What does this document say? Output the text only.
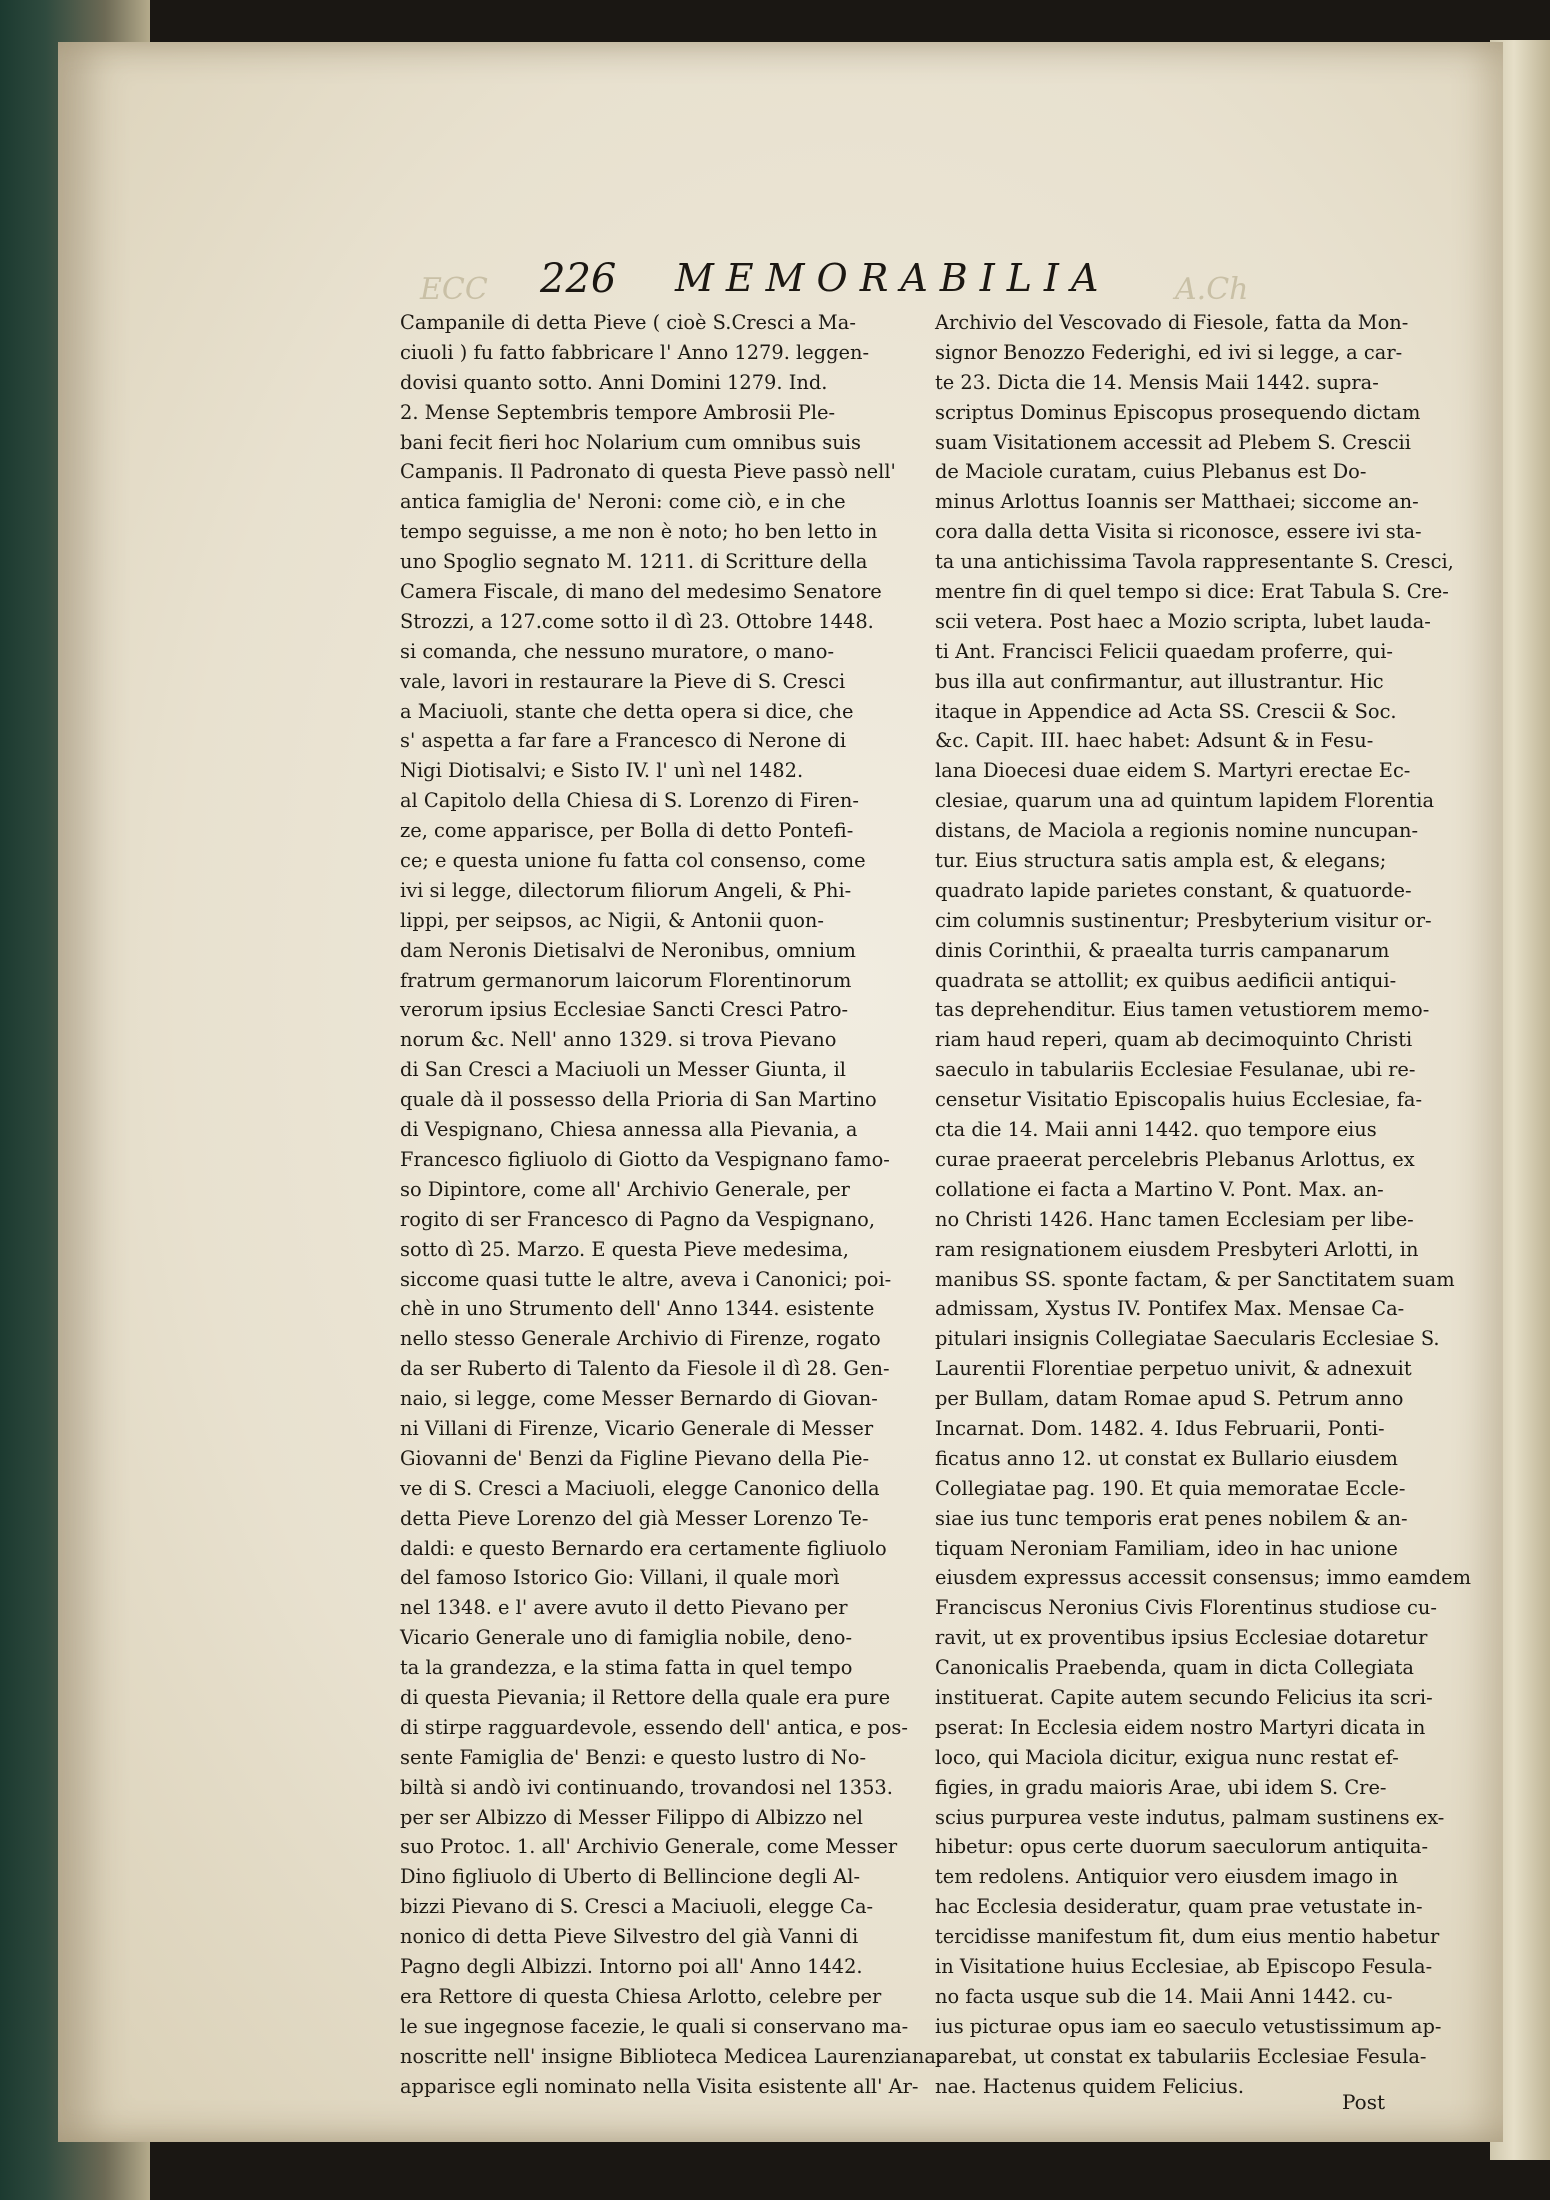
ECC	A.Ch
226 MEMORABILIA
Campanile di detta Pieve ( cioè S.Cresci a Ma-
ciuoli ) fu fatto fabbricare l' Anno 1279. leggen-
dovisi quanto sotto. Anni Domini 1279. Ind.
2. Mense Septembris tempore Ambrosii Ple-
bani fecit fieri hoc Nolarium cum omnibus suis
Campanis. Il Padronato di questa Pieve passò nell'
antica famiglia de' Neroni: come ciò, e in che
tempo seguisse, a me non è noto; ho ben letto in
uno Spoglio segnato M. 1211. di Scritture della
Camera Fiscale, di mano del medesimo Senatore
Strozzi, a 127.come sotto il dì 23. Ottobre 1448.
si comanda, che nessuno muratore, o mano-
vale, lavori in restaurare la Pieve di S. Cresci
a Maciuoli, stante che detta opera si dice, che
s' aspetta a far fare a Francesco di Nerone di
Nigi Diotisalvi; e Sisto IV. l' unì nel 1482.
al Capitolo della Chiesa di S. Lorenzo di Firen-
ze, come apparisce, per Bolla di detto Pontefi-
ce; e questa unione fu fatta col consenso, come
ivi si legge, dilectorum filiorum Angeli, & Phi-
lippi, per seipsos, ac Nigii, & Antonii quon-
dam Neronis Dietisalvi de Neronibus, omnium
fratrum germanorum laicorum Florentinorum
verorum ipsius Ecclesiae Sancti Cresci Patro-
norum &c. Nell' anno 1329. si trova Pievano
di San Cresci a Maciuoli un Messer Giunta, il
quale dà il possesso della Prioria di San Martino
di Vespignano, Chiesa annessa alla Pievania, a
Francesco figliuolo di Giotto da Vespignano famo-
so Dipintore, come all' Archivio Generale, per
rogito di ser Francesco di Pagno da Vespignano,
sotto dì 25. Marzo. E questa Pieve medesima,
siccome quasi tutte le altre, aveva i Canonici; poi-
chè in uno Strumento dell' Anno 1344. esistente
nello stesso Generale Archivio di Firenze, rogato
da ser Ruberto di Talento da Fiesole il dì 28. Gen-
naio, si legge, come Messer Bernardo di Giovan-
ni Villani di Firenze, Vicario Generale di Messer
Giovanni de' Benzi da Figline Pievano della Pie-
ve di S. Cresci a Maciuoli, elegge Canonico della
detta Pieve Lorenzo del già Messer Lorenzo Te-
daldi: e questo Bernardo era certamente figliuolo
del famoso Istorico Gio: Villani, il quale morì
nel 1348. e l' avere avuto il detto Pievano per
Vicario Generale uno di famiglia nobile, deno-
ta la grandezza, e la stima fatta in quel tempo
di questa Pievania; il Rettore della quale era pure
di stirpe ragguardevole, essendo dell' antica, e pos-
sente Famiglia de' Benzi: e questo lustro di No-
biltà si andò ivi continuando, trovandosi nel 1353.
per ser Albizzo di Messer Filippo di Albizzo nel
suo Protoc. 1. all' Archivio Generale, come Messer
Dino figliuolo di Uberto di Bellincione degli Al-
bizzi Pievano di S. Cresci a Maciuoli, elegge Ca-
nonico di detta Pieve Silvestro del già Vanni di
Pagno degli Albizzi. Intorno poi all' Anno 1442.
era Rettore di questa Chiesa Arlotto, celebre per
le sue ingegnose facezie, le quali si conservano ma-
noscritte nell' insigne Biblioteca Medicea Laurenziana:
apparisce egli nominato nella Visita esistente all' Ar-
Archivio del Vescovado di Fiesole, fatta da Mon-
signor Benozzo Federighi, ed ivi si legge, a car-
te 23. Dicta die 14. Mensis Maii 1442. supra-
scriptus Dominus Episcopus prosequendo dictam
suam Visitationem accessit ad Plebem S. Crescii
de Maciole curatam, cuius Plebanus est Do-
minus Arlottus Ioannis ser Matthaei; siccome an-
cora dalla detta Visita si riconosce, essere ivi sta-
ta una antichissima Tavola rappresentante S. Cresci,
mentre fin di quel tempo si dice: Erat Tabula S. Cre-
scii vetera. Post haec a Mozio scripta, lubet lauda-
ti Ant. Francisci Felicii quaedam proferre, qui-
bus illa aut confirmantur, aut illustrantur. Hic
itaque in Appendice ad Acta SS. Crescii & Soc.
&c. Capit. III. haec habet: Adsunt & in Fesu-
lana Dioecesi duae eidem S. Martyri erectae Ec-
clesiae, quarum una ad quintum lapidem Florentia
distans, de Maciola a regionis nomine nuncupan-
tur. Eius structura satis ampla est, & elegans;
quadrato lapide parietes constant, & quatuorde-
cim columnis sustinentur; Presbyterium visitur or-
dinis Corinthii, & praealta turris campanarum
quadrata se attollit; ex quibus aedificii antiqui-
tas deprehenditur. Eius tamen vetustiorem memo-
riam haud reperi, quam ab decimoquinto Christi
saeculo in tabulariis Ecclesiae Fesulanae, ubi re-
censetur Visitatio Episcopalis huius Ecclesiae, fa-
cta die 14. Maii anni 1442. quo tempore eius
curae praeerat percelebris Plebanus Arlottus, ex
collatione ei facta a Martino V. Pont. Max. an-
no Christi 1426. Hanc tamen Ecclesiam per libe-
ram resignationem eiusdem Presbyteri Arlotti, in
manibus SS. sponte factam, & per Sanctitatem suam
admissam, Xystus IV. Pontifex Max. Mensae Ca-
pitulari insignis Collegiatae Saecularis Ecclesiae S.
Laurentii Florentiae perpetuo univit, & adnexuit
per Bullam, datam Romae apud S. Petrum anno
Incarnat. Dom. 1482. 4. Idus Februarii, Ponti-
ficatus anno 12. ut constat ex Bullario eiusdem
Collegiatae pag. 190. Et quia memoratae Eccle-
siae ius tunc temporis erat penes nobilem & an-
tiquam Neroniam Familiam, ideo in hac unione
eiusdem expressus accessit consensus; immo eamdem
Franciscus Neronius Civis Florentinus studiose cu-
ravit, ut ex proventibus ipsius Ecclesiae dotaretur
Canonicalis Praebenda, quam in dicta Collegiata
instituerat. Capite autem secundo Felicius ita scri-
pserat: In Ecclesia eidem nostro Martyri dicata in
loco, qui Maciola dicitur, exigua nunc restat ef-
figies, in gradu maioris Arae, ubi idem S. Cre-
scius purpurea veste indutus, palmam sustinens ex-
hibetur: opus certe duorum saeculorum antiquita-
tem redolens. Antiquior vero eiusdem imago in
hac Ecclesia desideratur, quam prae vetustate in-
tercidisse manifestum fit, dum eius mentio habetur
in Visitatione huius Ecclesiae, ab Episcopo Fesula-
no facta usque sub die 14. Maii Anni 1442. cu-
ius picturae opus iam eo saeculo vetustissimum ap-
parebat, ut constat ex tabulariis Ecclesiae Fesula-
nae. Hactenus quidem Felicius.
Post
